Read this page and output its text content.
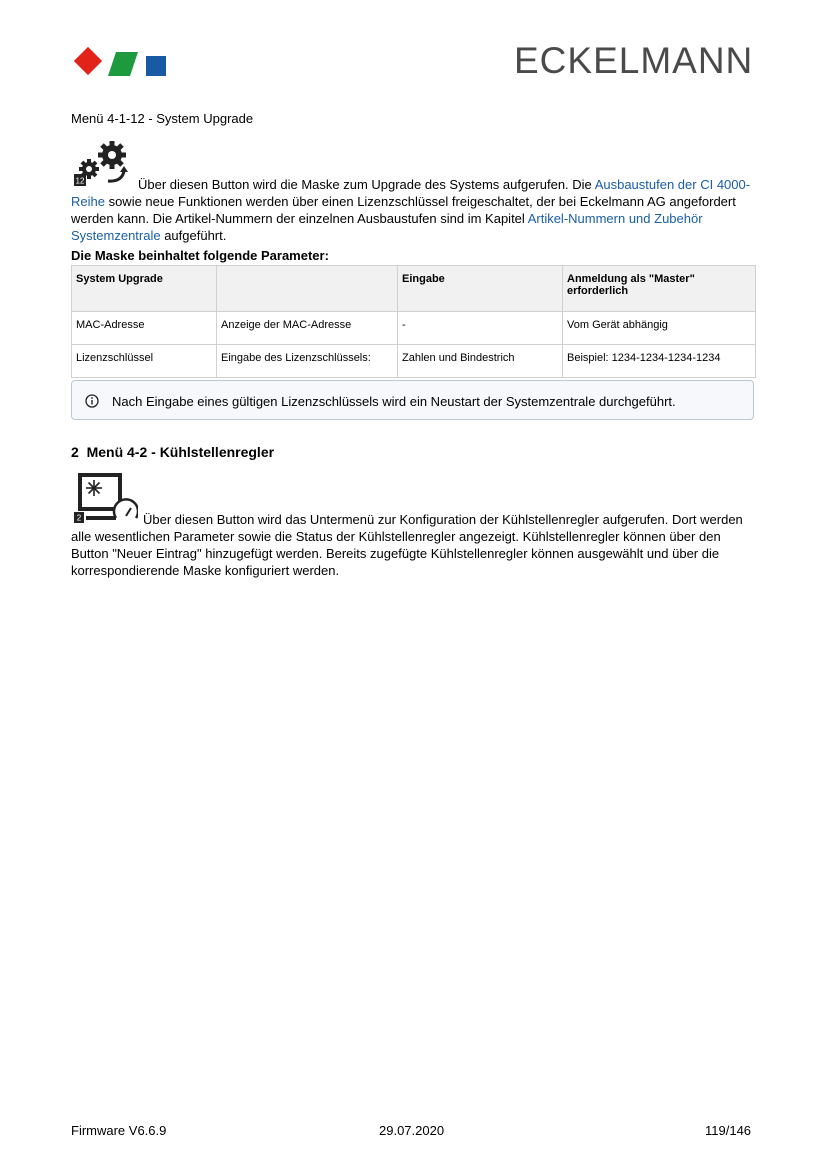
ECKELMANN
Menü 4-1-12 - System Upgrade
12	Über diesen Button wird die Maske zum Upgrade des Systems aufgerufen. Die Ausbaustufen der CI 4000-Reihe sowie neue Funktionen werden über einen Lizenzschlüssel freigeschaltet, der bei Eckelmann AG angefordert werden kann. Die Artikel-Nummern der einzelnen Ausbaustufen sind im Kapitel Artikel-Nummern und Zubehör Systemzentrale aufgeführt.
Die Maske beinhaltet folgende Parameter:
System Upgrade		Eingabe	Anmeldung als "Master" erforderlich
MAC-Adresse	Anzeige der MAC-Adresse	-	Vom Gerät abhängig
Lizenzschlüssel	Eingabe des Lizenzschlüssels:	Zahlen und Bindestrich	Beispiel: 1234-1234-1234-1234
Nach Eingabe eines gültigen Lizenzschlüssels wird ein Neustart der Systemzentrale durchgeführt.
2 Menü 4-2 - Kühlstellenregler
2	Über diesen Button wird das Untermenü zur Konfiguration der Kühlstellenregler aufgerufen. Dort werden alle wesentlichen Parameter sowie die Status der Kühlstellenregler angezeigt. Kühlstellenregler können über den Button "Neuer Eintrag" hinzugefügt werden. Bereits zugefügte Kühlstellenregler können ausgewählt und über die korrespondierende Maske konfiguriert werden.
Firmware V6.6.9	29.07.2020	119/146
